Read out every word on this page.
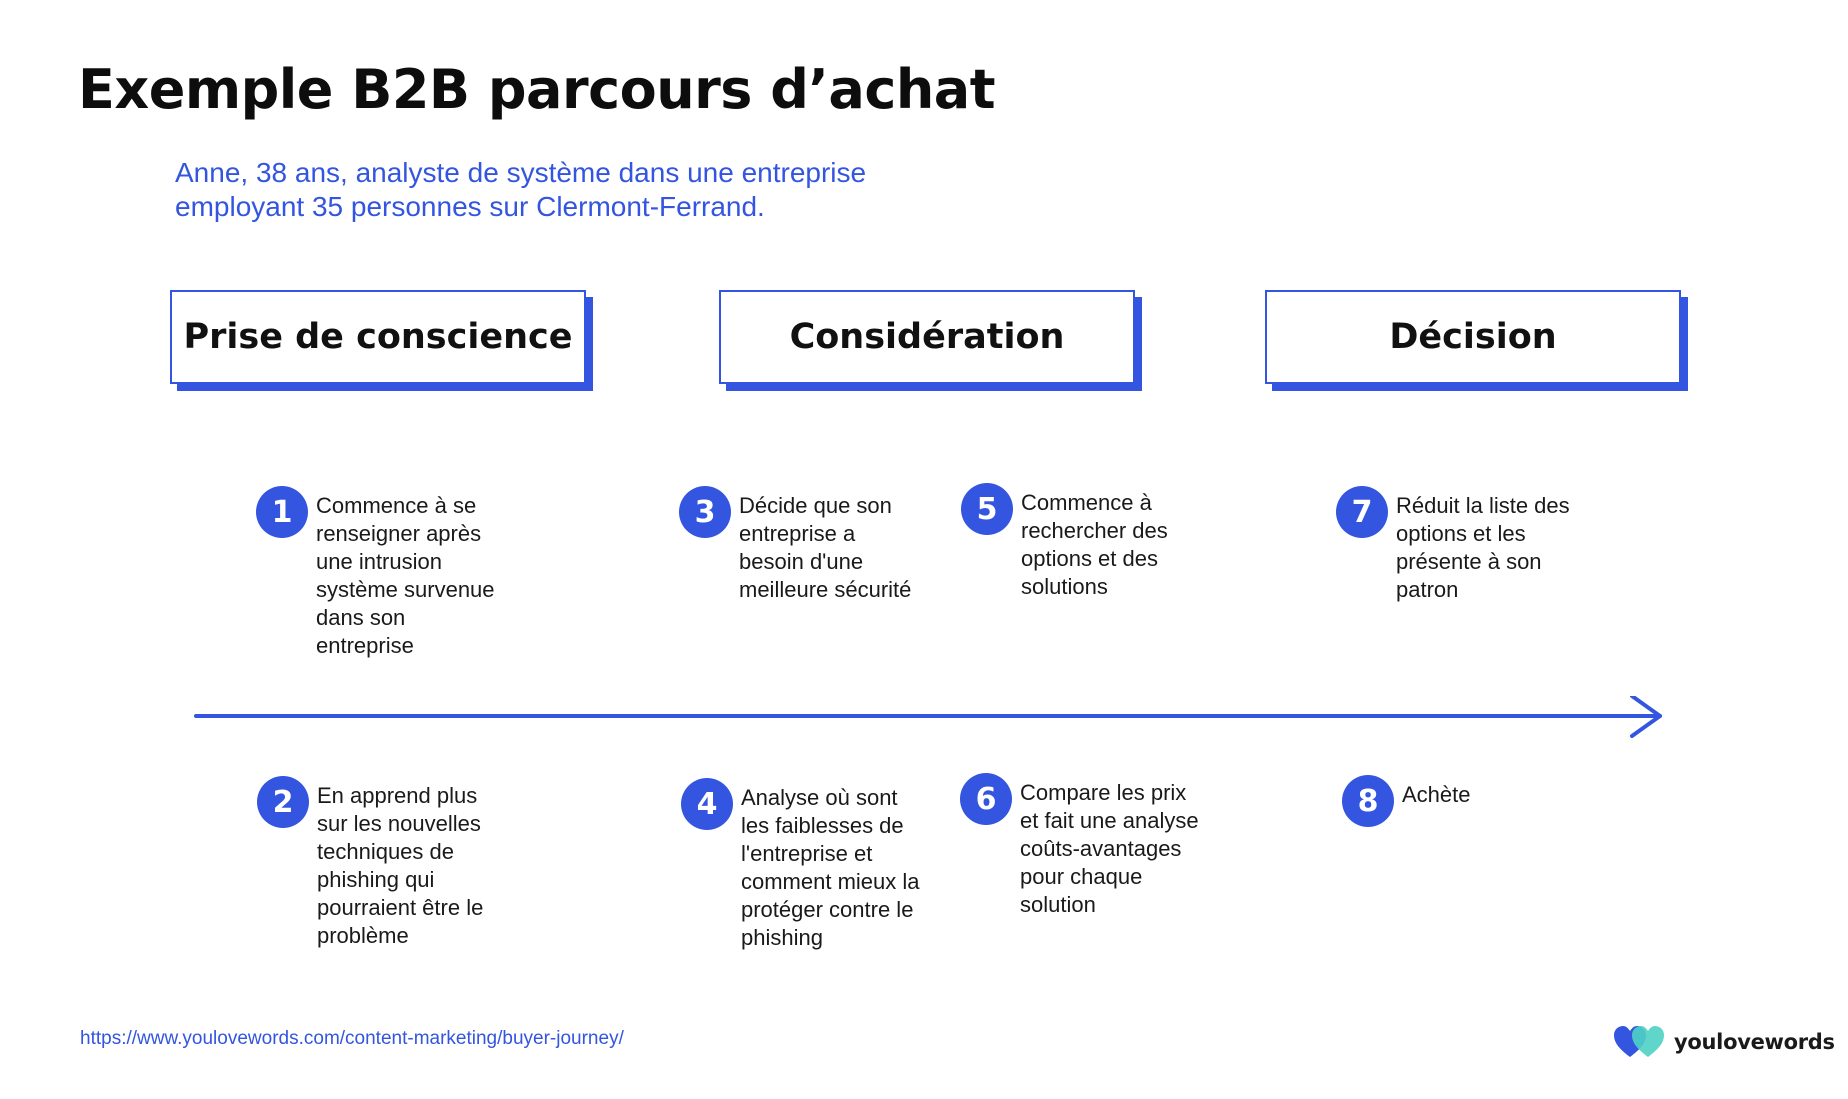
Exemple B2B parcours d’achat

Anne, 38 ans, analyste de système dans une entreprise
employant 35 personnes sur Clermont-Ferrand.

Prise de conscience	Considération	Décision
1	Commence à se renseigner après une intrusion système survenue dans son entreprise
3	Décide que son entreprise a besoin d'une meilleure sécurité
5	Commence à rechercher des options et des solutions
7	Réduit la liste des options et les présente à son patron
2	En apprend plus sur les nouvelles techniques de phishing qui pourraient être le problème
4	Analyse où sont les faiblesses de l'entreprise et comment mieux la protéger contre le phishing
6	Compare les prix et fait une analyse coûts-avantages pour chaque solution
8	Achète
https://www.youlovewords.com/content-marketing/buyer-journey/	youlovewords
